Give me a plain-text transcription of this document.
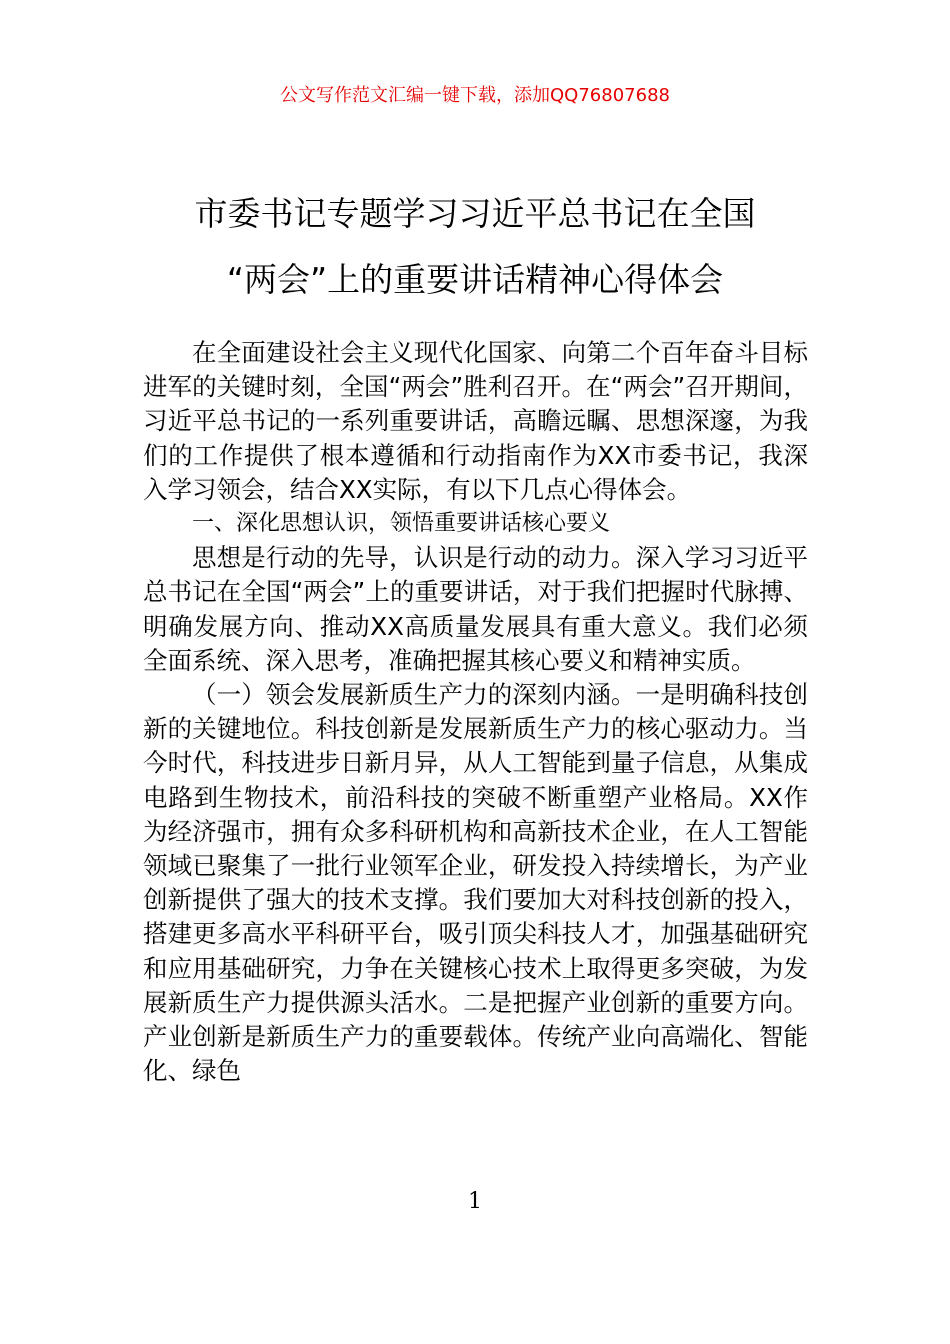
公文写作范文汇编一键下载，添加QQ76807688
市委书记专题学习习近平总书记在全国
“两会”上的重要讲话精神心得体会

在全面建设社会主义现代化国家、向第二个百年奋斗目标进军的关键时刻，全国“两会”胜利召开。在“两会”召开期间，习近平总书记的一系列重要讲话，高瞻远瞩、思想深邃，为我们的工作提供了根本遵循和行动指南作为XX市委书记，我深入学习领会，结合XX实际，有以下几点心得体会。

一、深化思想认识，领悟重要讲话核心要义

思想是行动的先导，认识是行动的动力。深入学习习近平总书记在全国“两会”上的重要讲话，对于我们把握时代脉搏、明确发展方向、推动XX高质量发展具有重大意义。我们必须全面系统、深入思考，准确把握其核心要义和精神实质。

（一）领会发展新质生产力的深刻内涵。一是明确科技创新的关键地位。科技创新是发展新质生产力的核心驱动力。当今时代，科技进步日新月异，从人工智能到量子信息，从集成电路到生物技术，前沿科技的突破不断重塑产业格局。XX作为经济强市，拥有众多科研机构和高新技术企业，在人工智能领域已聚集了一批行业领军企业，研发投入持续增长，为产业创新提供了强大的技术支撑。我们要加大对科技创新的投入，搭建更多高水平科研平台，吸引顶尖科技人才，加强基础研究和应用基础研究，力争在关键核心技术上取得更多突破，为发展新质生产力提供源头活水。二是把握产业创新的重要方向。产业创新是新质生产力的重要载体。传统产业向高端化、智能化、绿色

1
